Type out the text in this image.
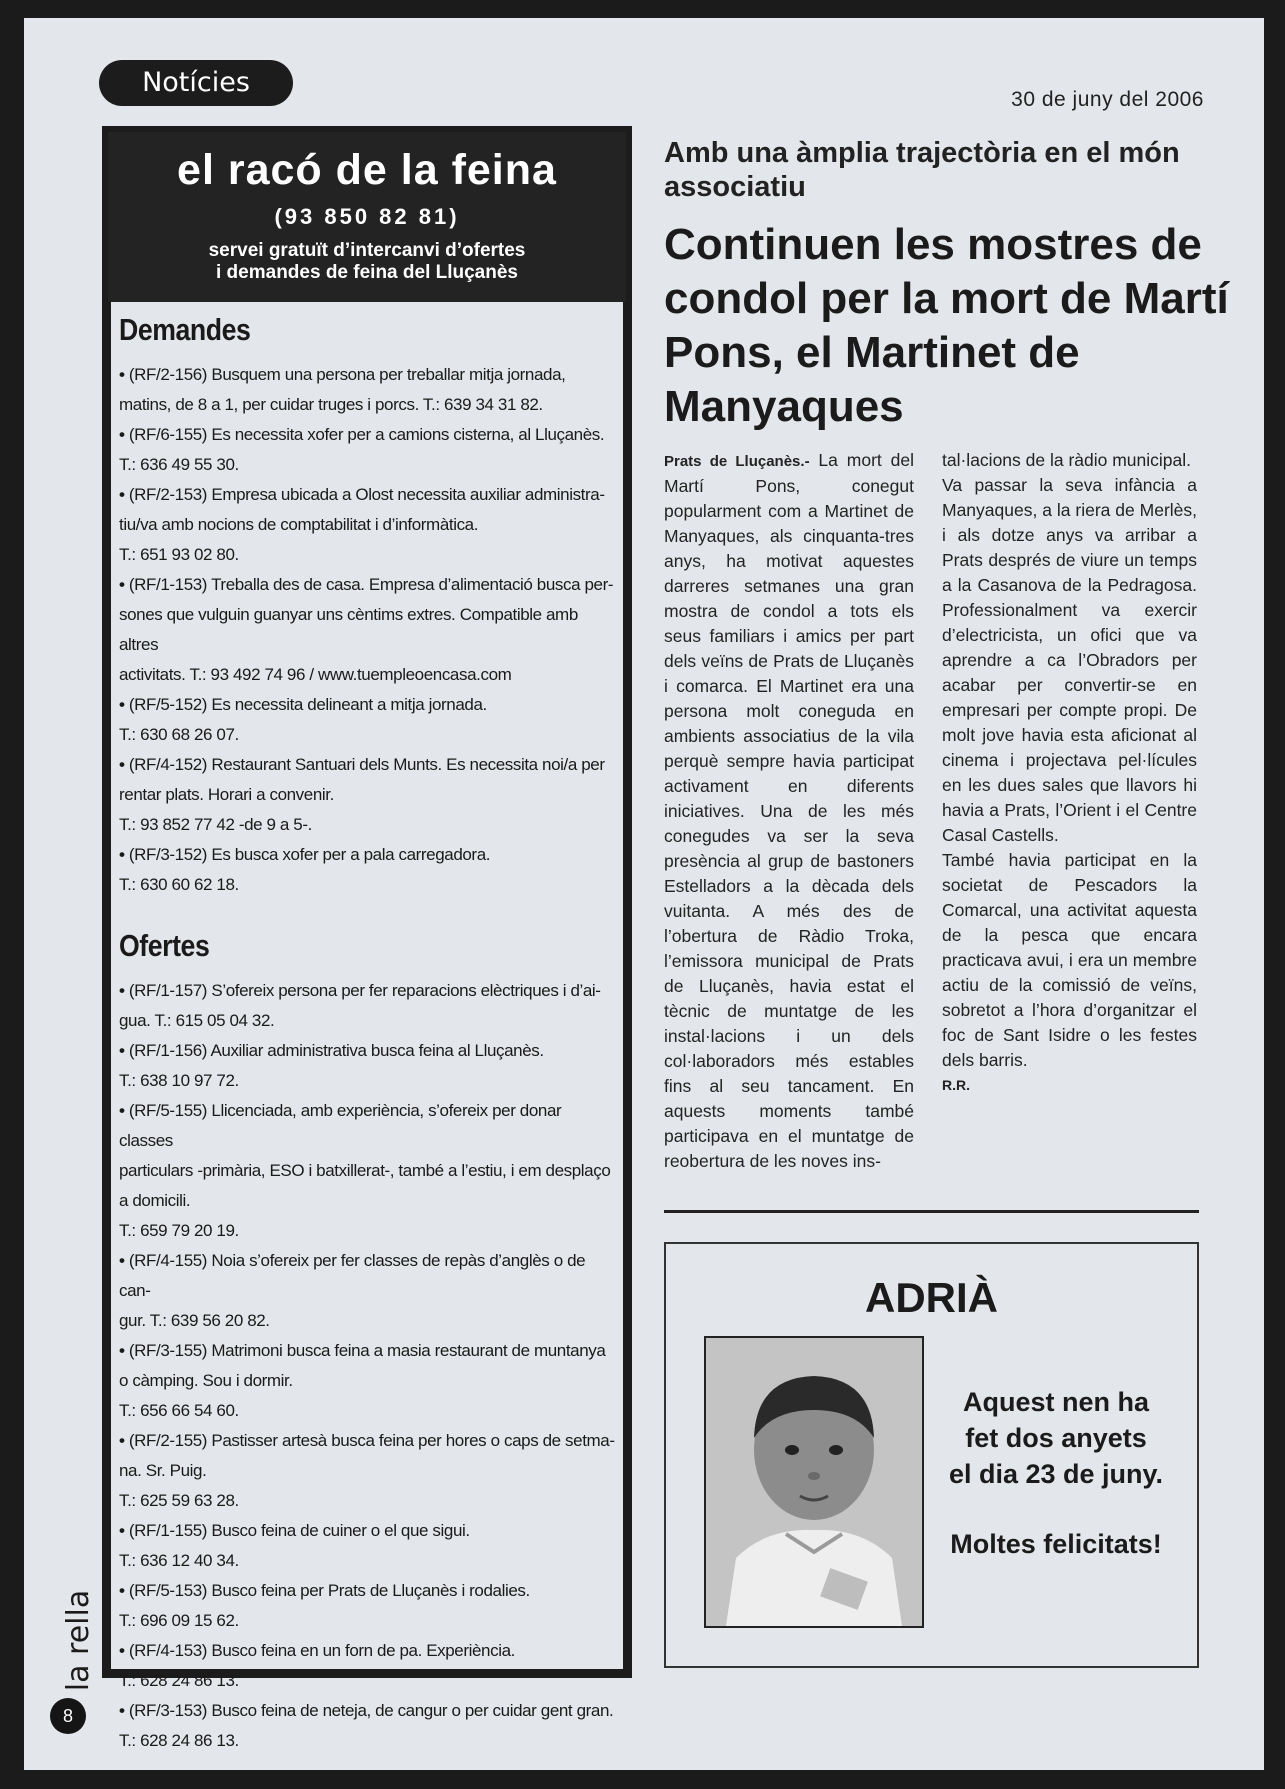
Notícies
30 de juny del 2006
el racó de la feina
(93 850 82 81)
servei gratuït d’intercanvi d’ofertes
i demandes de feina del Lluçanès
Demandes
• (RF/2-156) Busquem una persona per treballar mitja jornada,
matins, de 8 a 1, per cuidar truges i porcs. T.: 639 34 31 82.
• (RF/6-155) Es necessita xofer per a camions cisterna, al Lluçanès.
T.: 636 49 55 30.
• (RF/2-153) Empresa ubicada a Olost necessita auxiliar administra-
tiu/va amb nocions de comptabilitat i d’informàtica.
T.: 651 93 02 80.
• (RF/1-153) Treballa des de casa. Empresa d’alimentació busca per-
sones que vulguin guanyar uns cèntims extres. Compatible amb altres
activitats. T.: 93 492 74 96 / www.tuempleoencasa.com
• (RF/5-152) Es necessita delineant a mitja jornada.
T.: 630 68 26 07.
• (RF/4-152) Restaurant Santuari dels Munts. Es necessita noi/a per
rentar plats. Horari a convenir.
T.: 93 852 77 42 -de 9 a 5-.
• (RF/3-152) Es busca xofer per a pala carregadora.
T.: 630 60 62 18.
Ofertes
• (RF/1-157) S’ofereix persona per fer reparacions elèctriques i d’ai-
gua. T.: 615 05 04 32.
• (RF/1-156) Auxiliar administrativa busca feina al Lluçanès.
T.: 638 10 97 72.
• (RF/5-155) Llicenciada, amb experiència, s’ofereix per donar classes
particulars -primària, ESO i batxillerat-, també a l’estiu, i em desplaço
a domicili.
T.: 659 79 20 19.
• (RF/4-155) Noia s’ofereix per fer classes de repàs d’anglès o de can-
gur. T.: 639 56 20 82.
• (RF/3-155) Matrimoni busca feina a masia restaurant de muntanya
o càmping. Sou i dormir.
T.: 656 66 54 60.
• (RF/2-155) Pastisser artesà busca feina per hores o caps de setma-
na. Sr. Puig.
T.: 625 59 63 28.
• (RF/1-155) Busco feina de cuiner o el que sigui.
T.: 636 12 40 34.
• (RF/5-153) Busco feina per Prats de Lluçanès i rodalies.
T.: 696 09 15 62.
• (RF/4-153) Busco feina en un forn de pa. Experiència.
T.: 628 24 86 13.
• (RF/3-153) Busco feina de neteja, de cangur o per cuidar gent gran.
T.: 628 24 86 13.
Amb una àmplia trajectòria en el món associatiu
Continuen les mostres de condol per la mort de Martí Pons, el Martinet de Manyaques
Prats de Lluçanès.- La mort del Martí Pons, conegut popularment com a Martinet de Manyaques, als cinquanta-tres anys, ha motivat aquestes darreres setmanes una gran mostra de condol a tots els seus familiars i amics per part dels veïns de Prats de Lluçanès i comarca. El Martinet era una persona molt coneguda en ambients associatius de la vila perquè sempre havia participat activament en diferents iniciatives. Una de les més conegudes va ser la seva presència al grup de bastoners Estelladors a la dècada dels vuitanta. A més des de l’obertura de Ràdio Troka, l’emissora municipal de Prats de Lluçanès, havia estat el tècnic de muntatge de les instal·lacions i un dels col·laboradors més estables fins al seu tancament. En aquests moments també participava en el muntatge de reobertura de les noves ins-
tal·lacions de la ràdio municipal.
Va passar la seva infància a Manyaques, a la riera de Merlès, i als dotze anys va arribar a Prats després de viure un temps a la Casanova de la Pedragosa. Professionalment va exercir d’electricista, un ofici que va aprendre a ca l’Obradors per acabar per convertir-se en empresari per compte propi. De molt jove havia esta aficionat al cinema i projectava pel·lícules en les dues sales que llavors hi havia a Prats, l’Orient i el Centre Casal Castells.
També havia participat en la societat de Pescadors la Comarcal, una activitat aquesta de la pesca que encara practicava avui, i era un membre actiu de la comissió de veïns, sobretot a l’hora d’organitzar el foc de Sant Isidre o les festes dels barris.
R.R.
ADRIÀ

Aquest nen ha

fet dos anyets

el dia 23 de juny.

Moltes felicitats!

la rella
8
